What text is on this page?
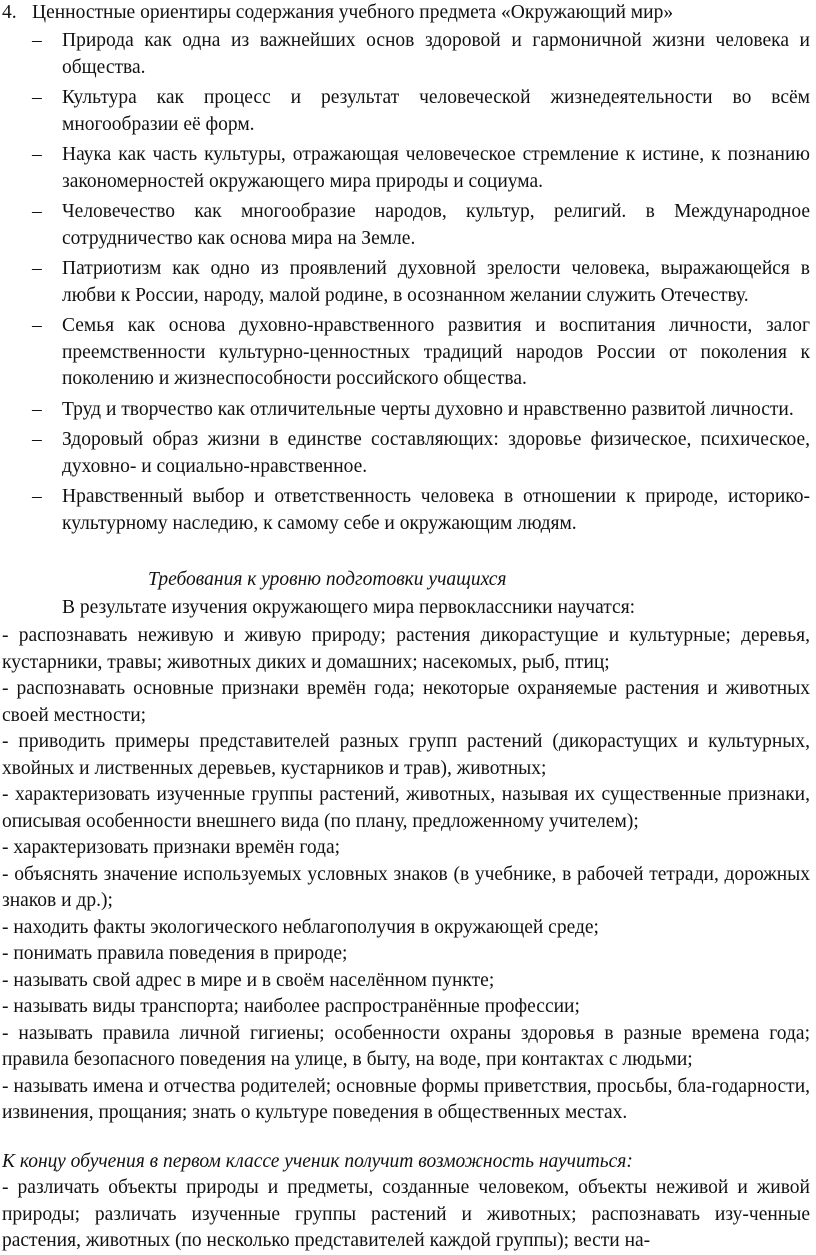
4. Ценностные ориентиры содержания учебного предмета «Окружающий мир»

– Природа как одна из важнейших основ здоровой и гармоничной жизни человека и общества.
– Культура как процесс и результат человеческой жизнедеятельности во всём многообразии её форм.
– Наука как часть культуры, отражающая человеческое стремление к истине, к познанию закономерностей окружающего мира природы и социума.
– Человечество как многообразие народов, культур, религий. в Международное сотрудничество как основа мира на Земле.
– Патриотизм как одно из проявлений духовной зрелости человека, выражающейся в любви к России, народу, малой родине, в осознанном желании служить Отечеству.
– Семья как основа духовно-нравственного развития и воспитания личности, залог преемственности культурно-ценностных традиций народов России от поколения к поколению и жизнеспособности российского общества.
– Труд и творчество как отличительные черты духовно и нравственно развитой личности.
– Здоровый образ жизни в единстве составляющих: здоровье физическое, психическое, духовно- и социально-нравственное.
– Нравственный выбор и ответственность человека в отношении к природе, историко-культурному наследию, к самому себе и окружающим людям.

Требования к уровню подготовки учащихся

В результате изучения окружающего мира первоклассники научатся:

- распознавать неживую и живую природу; растения дикорастущие и культурные; деревья, кустарники, травы; животных диких и домашних; насекомых, рыб, птиц;

- распознавать основные признаки времён года; некоторые охраняемые растения и животных своей местности;

- приводить примеры представителей разных групп растений (дикорастущих и культурных, хвойных и лиственных деревьев, кустарников и трав), животных;

- характеризовать изученные группы растений, животных, называя их существенные признаки, описывая особенности внешнего вида (по плану, предложенному учителем);

- характеризовать признаки времён года;

- объяснять значение используемых условных знаков (в учебнике, в рабочей тетради, дорожных знаков и др.);

- находить факты экологического неблагополучия в окружающей среде;

- понимать правила поведения в природе;

- называть свой адрес в мире и в своём населённом пункте;

- называть виды транспорта; наиболее распространённые профессии;

- называть правила личной гигиены; особенности охраны здоровья в разные времена года; правила безопасного поведения на улице, в быту, на воде, при контактах с людьми;

- называть имена и отчества родителей; основные формы приветствия, просьбы, бла-годарности, извинения, прощания; знать о культуре поведения в общественных местах.

К концу обучения в первом классе ученик получит возможность научиться:

- различать объекты природы и предметы, созданные человеком, объекты неживой и живой природы; различать изученные группы растений и животных; распознавать изу-ченные растения, животных (по несколько представителей каждой группы); вести на-
